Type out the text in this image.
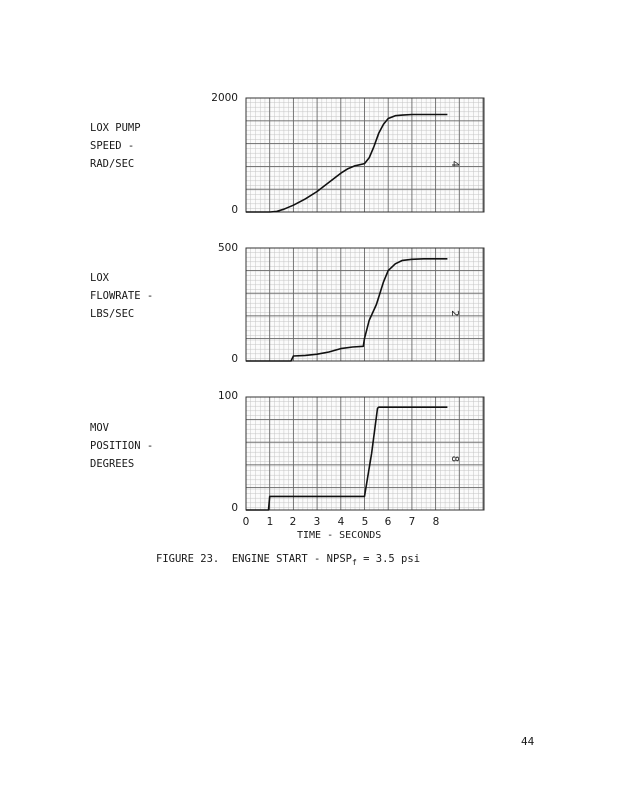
LOX PUMP
SPEED -
RAD/SEC
LOX
FLOWRATE -
LBS/SEC
MOV
POSITION -
DEGREES
2000
0
500
0
100
0
4
2
8
0	1	2	3	4	5	6	7	8
TIME - SECONDS
FIGURE 23.  ENGINE START - $NPSP_f = 3.5$ psi
44
